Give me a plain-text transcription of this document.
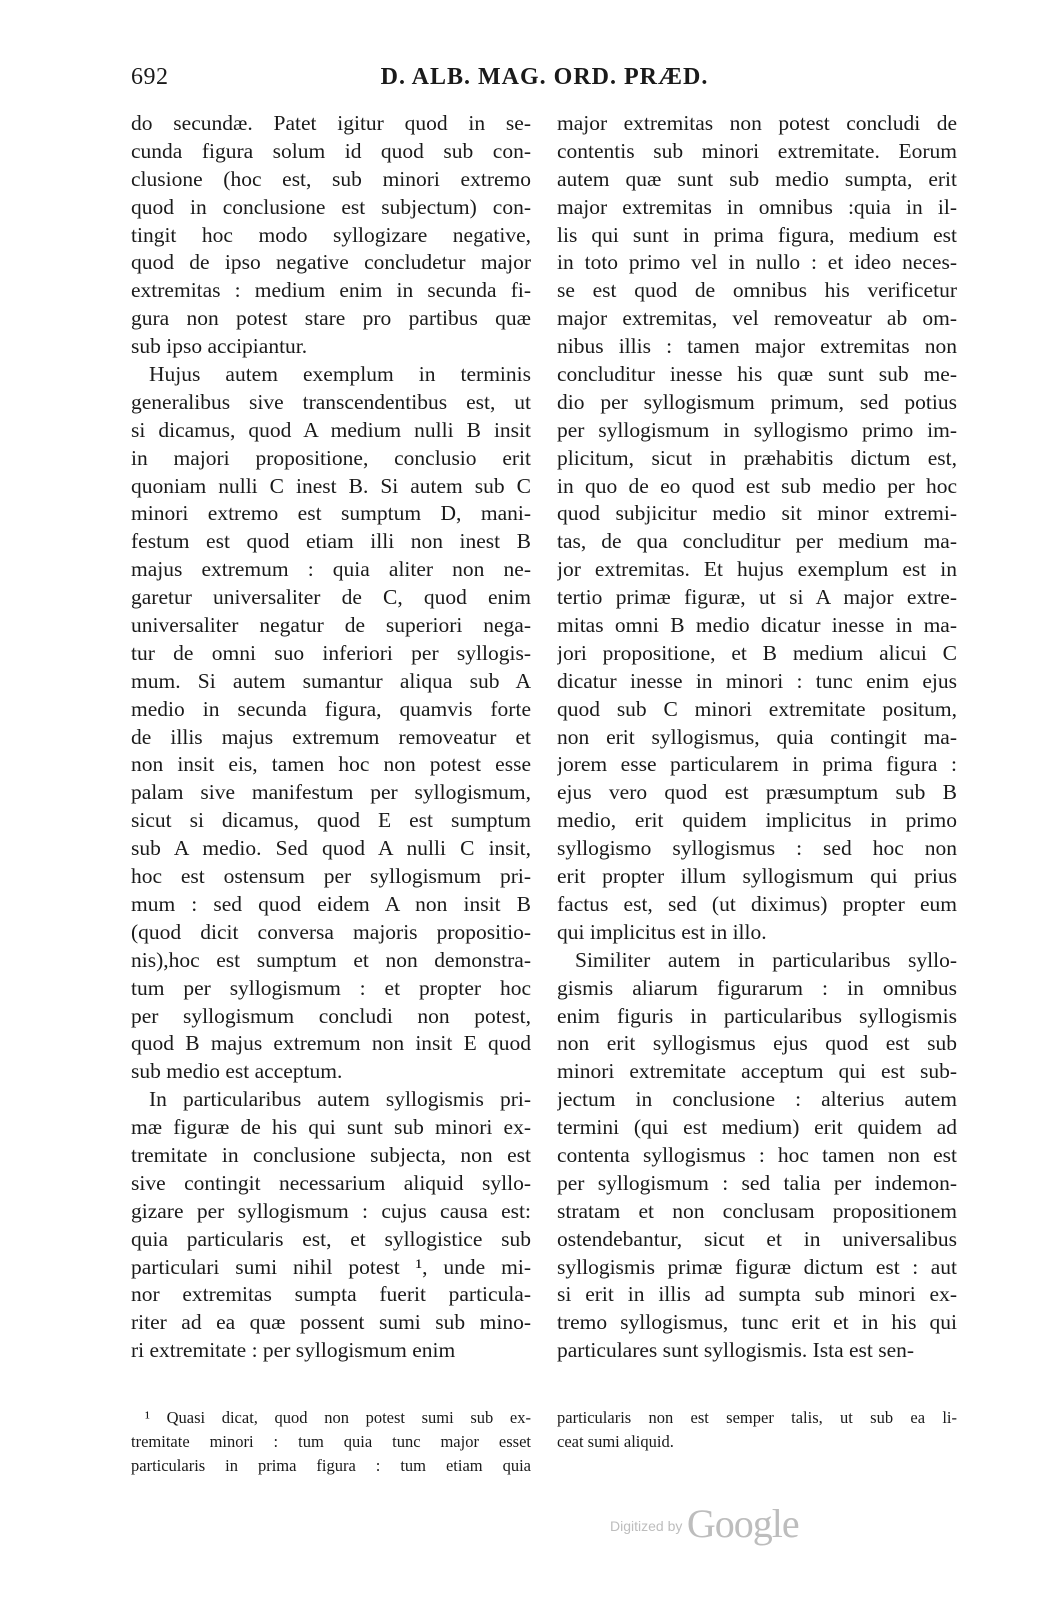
692	D. ALB. MAG. ORD. PRÆD.
do secundæ. Patet igitur quod in se-
cunda figura solum id quod sub con-
clusione (hoc est, sub minori extremo
quod in conclusione est subjectum) con-
tingit hoc modo syllogizare negative,
quod de ipso negative concludetur major
extremitas : medium enim in secunda fi-
gura non potest stare pro partibus quæ
sub ipso accipiantur.
Hujus autem exemplum in terminis
generalibus sive transcendentibus est, ut
si dicamus, quod A medium nulli B insit
in majori propositione, conclusio erit
quoniam nulli C inest B. Si autem sub C
minori extremo est sumptum D, mani-
festum est quod etiam illi non inest B
majus extremum : quia aliter non ne-
garetur universaliter de C, quod enim
universaliter negatur de superiori nega-
tur de omni suo inferiori per syllogis-
mum. Si autem sumantur aliqua sub A
medio in secunda figura, quamvis forte
de illis majus extremum removeatur et
non insit eis, tamen hoc non potest esse
palam sive manifestum per syllogismum,
sicut si dicamus, quod E est sumptum
sub A medio. Sed quod A nulli C insit,
hoc est ostensum per syllogismum pri-
mum : sed quod eidem A non insit B
(quod dicit conversa majoris propositio-
nis),hoc est sumptum et non demonstra-
tum per syllogismum : et propter hoc
per syllogismum concludi non potest,
quod B majus extremum non insit E quod
sub medio est acceptum.
In particularibus autem syllogismis pri-
mæ figuræ de his qui sunt sub minori ex-
tremitate in conclusione subjecta, non est
sive contingit necessarium aliquid syllo-
gizare per syllogismum : cujus causa est:
quia particularis est, et syllogistice sub
particulari sumi nihil potest ¹, unde mi-
nor extremitas sumpta fuerit particula-
riter ad ea quæ possent sumi sub mino-
ri extremitate : per syllogismum enim
major extremitas non potest concludi de
contentis sub minori extremitate. Eorum
autem quæ sunt sub medio sumpta, erit
major extremitas in omnibus :quia in il-
lis qui sunt in prima figura, medium est
in toto primo vel in nullo : et ideo neces-
se est quod de omnibus his verificetur
major extremitas, vel removeatur ab om-
nibus illis : tamen major extremitas non
concluditur inesse his quæ sunt sub me-
dio per syllogismum primum, sed potius
per syllogismum in syllogismo primo im-
plicitum, sicut in præhabitis dictum est,
in quo de eo quod est sub medio per hoc
quod subjicitur medio sit minor extremi-
tas, de qua concluditur per medium ma-
jor extremitas. Et hujus exemplum est in
tertio primæ figuræ, ut si A major extre-
mitas omni B medio dicatur inesse in ma-
jori propositione, et B medium alicui C
dicatur inesse in minori : tunc enim ejus
quod sub C minori extremitate positum,
non erit syllogismus, quia contingit ma-
jorem esse particularem in prima figura :
ejus vero quod est præsumptum sub B
medio, erit quidem implicitus in primo
syllogismo syllogismus : sed hoc non
erit propter illum syllogismum qui prius
factus est, sed (ut diximus) propter eum
qui implicitus est in illo.
Similiter autem in particularibus syllo-
gismis aliarum figurarum : in omnibus
enim figuris in particularibus syllogismis
non erit syllogismus ejus quod est sub
minori extremitate acceptum qui est sub-
jectum in conclusione : alterius autem
termini (qui est medium) erit quidem ad
contenta syllogismus : hoc tamen non est
per syllogismum : sed talia per indemon-
stratam et non conclusam propositionem
ostendebantur, sicut et in universalibus
syllogismis primæ figuræ dictum est : aut
si erit in illis ad sumpta sub minori ex-
tremo syllogismus, tunc erit et in his qui
particulares sunt syllogismis. Ista est sen-
¹ Quasi dicat, quod non potest sumi sub ex-
tremitate minori : tum quia tunc major esset
particularis in prima figura : tum etiam quia
particularis non est semper talis, ut sub ea li-
ceat sumi aliquid.
Digitized by Google
